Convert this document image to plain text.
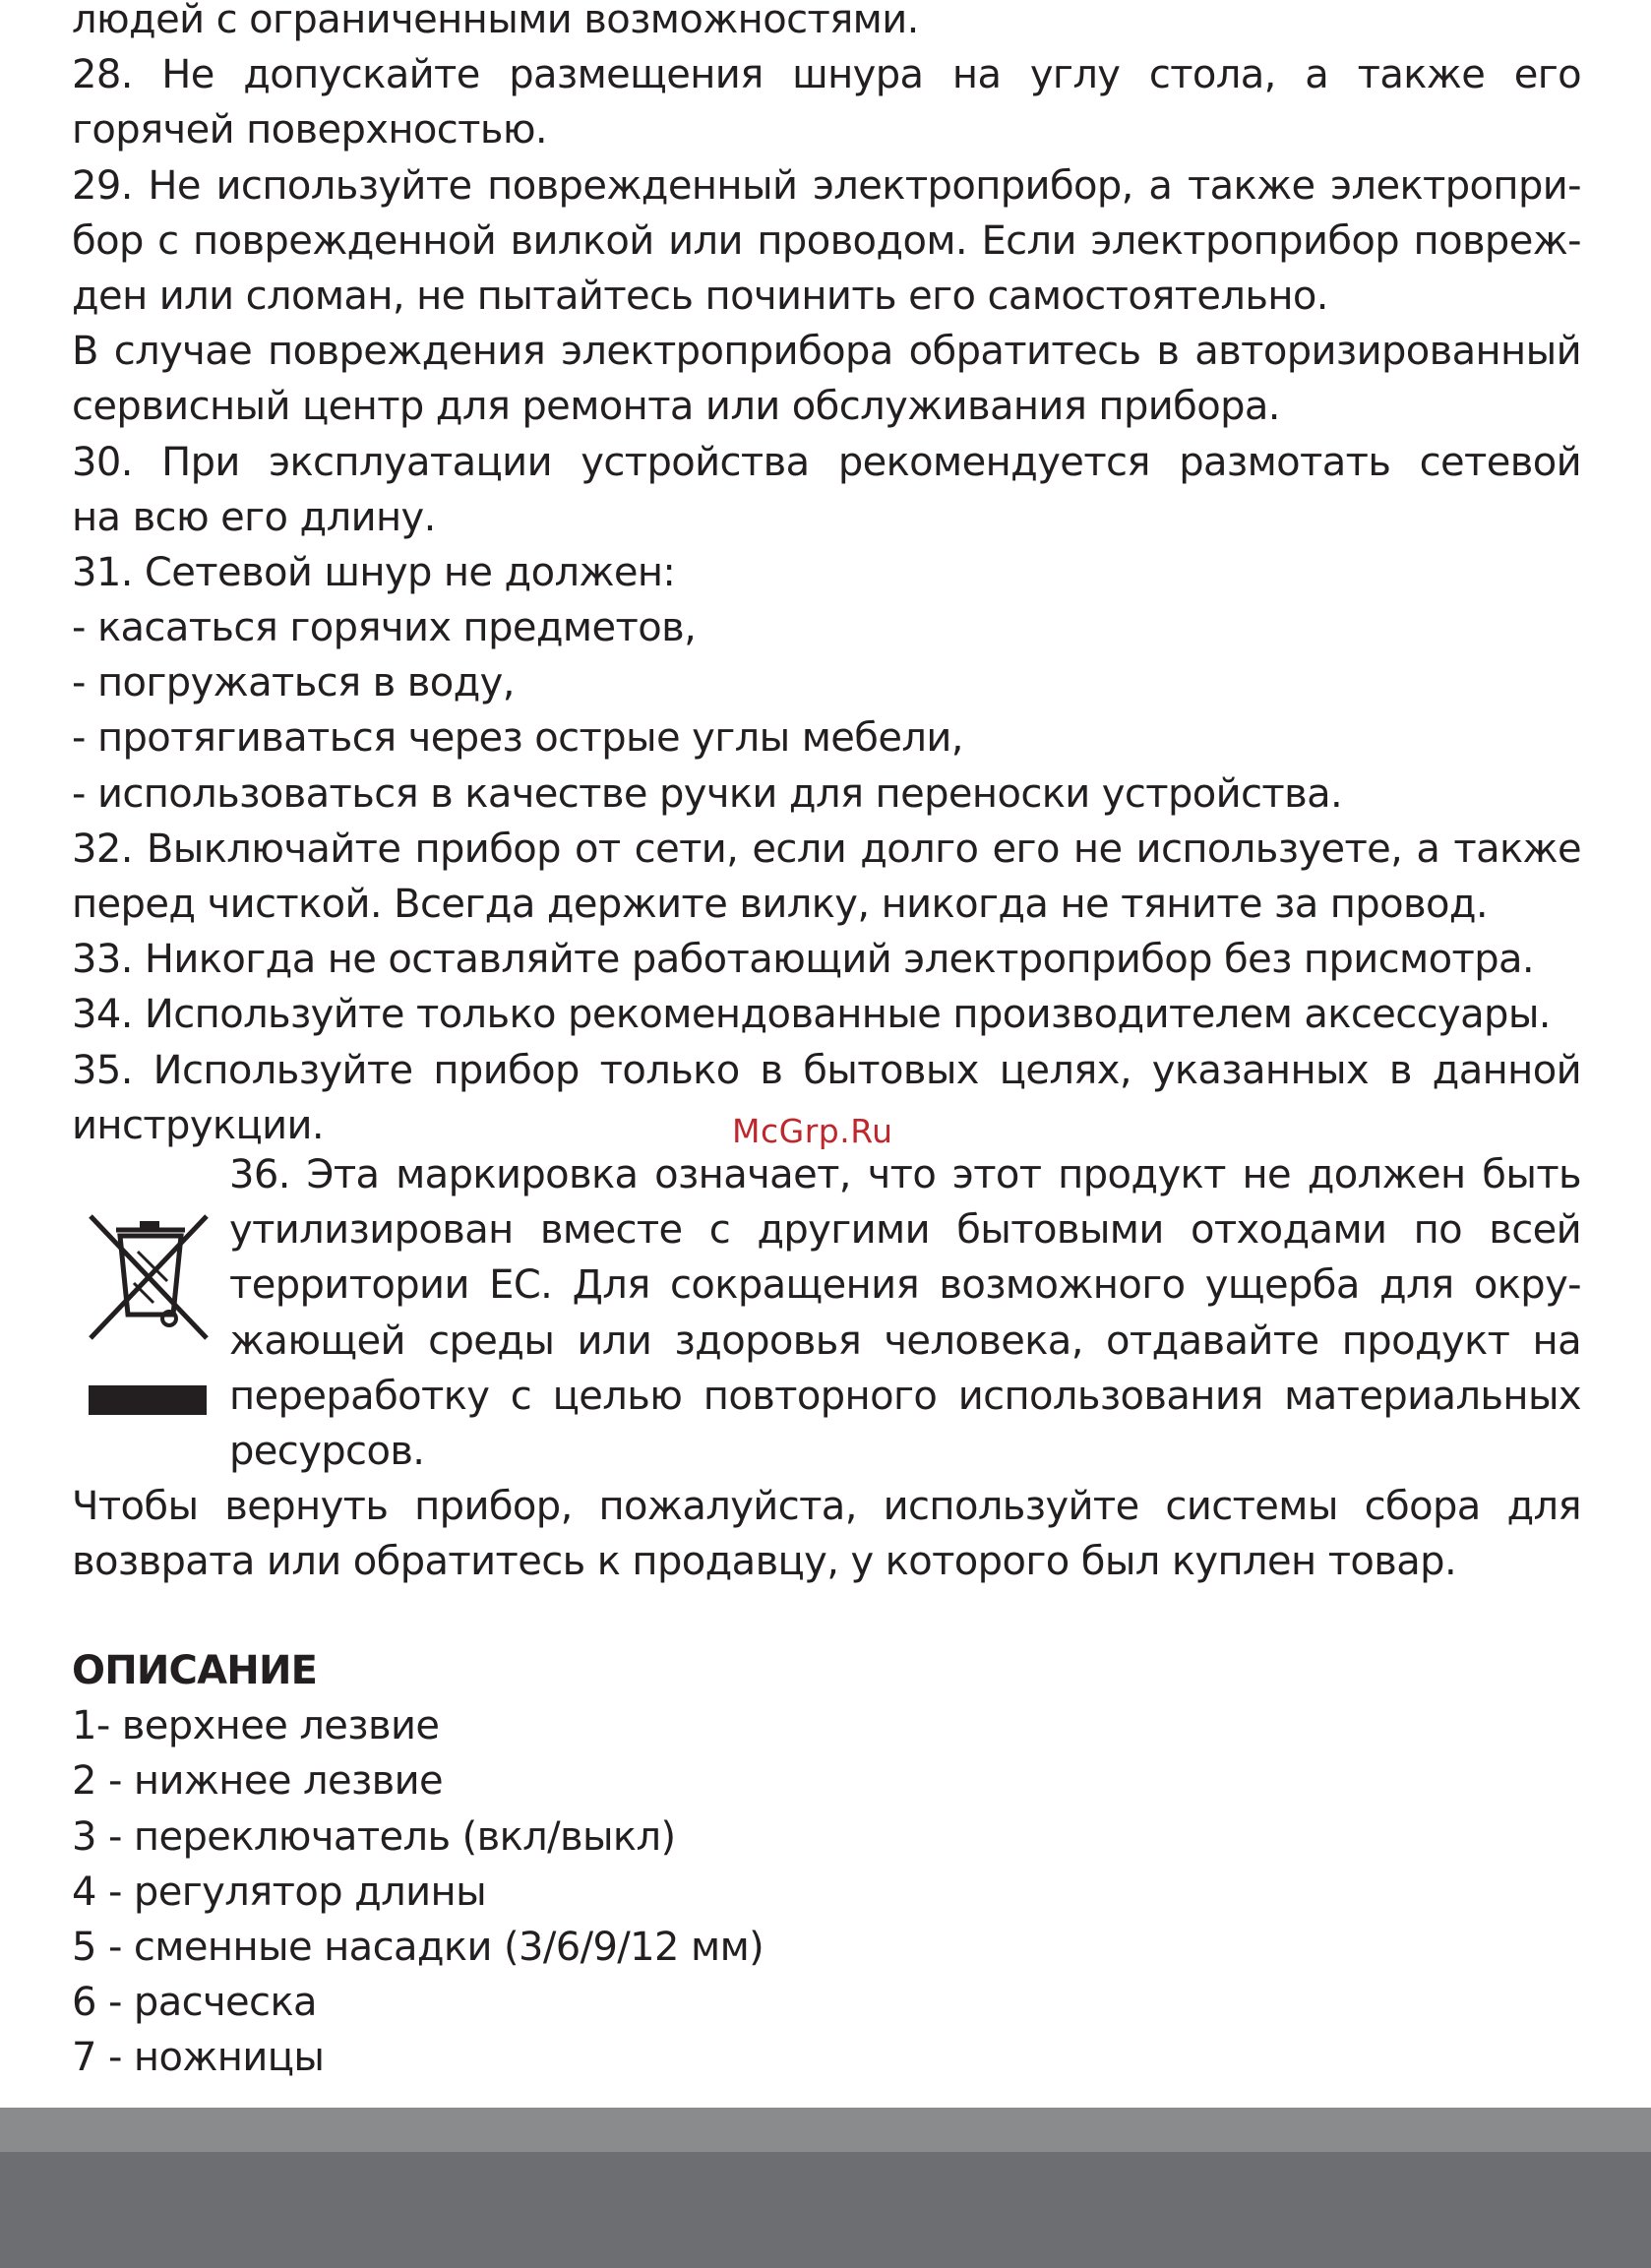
людей с ограниченными возможностями.
28. Не допускайте размещения шнура на углу стола, а также его
горячей поверхностью.
29. Не используйте поврежденный электроприбор, а также электропри-
бор с поврежденной вилкой или проводом. Если электроприбор повреж-
ден или сломан, не пытайтесь починить его самостоятельно.
В случае повреждения электроприбора обратитесь в авторизированный
сервисный центр для ремонта или обслуживания прибора.
30. При эксплуатации устройства рекомендуется размотать сетевой
на всю его длину.
31. Сетевой шнур не должен:
- касаться горячих предметов,
- погружаться в воду,
- протягиваться через острые углы мебели,
- использоваться в качестве ручки для переноски устройства.
32. Выключайте прибор от сети, если долго его не используете, а также
перед чисткой. Всегда держите вилку, никогда не тяните за провод.
33. Никогда не оставляйте работающий электроприбор без присмотра.
34. Используйте только рекомендованные производителем аксессуары.
35. Используйте прибор только в бытовых целях, указанных в данной
инструкции.	McGrp.Ru
36. Эта маркировка означает, что этот продукт не должен быть
утилизирован вместе с другими бытовыми отходами по всей
территории ЕС. Для сокращения возможного ущерба для окру-
жающей среды или здоровья человека, отдавайте продукт на
переработку с целью повторного использования материальных
ресурсов.
Чтобы вернуть прибор, пожалуйста, используйте системы сбора для
возврата или обратитесь к продавцу, у которого был куплен товар.
ОПИСАНИЕ
1- верхнее лезвие
2 - нижнее лезвие
3 - переключатель (вкл/выкл)
4 - регулятор длины
5 - сменные насадки (3/6/9/12 мм)
6 - расческа
7 - ножницы
